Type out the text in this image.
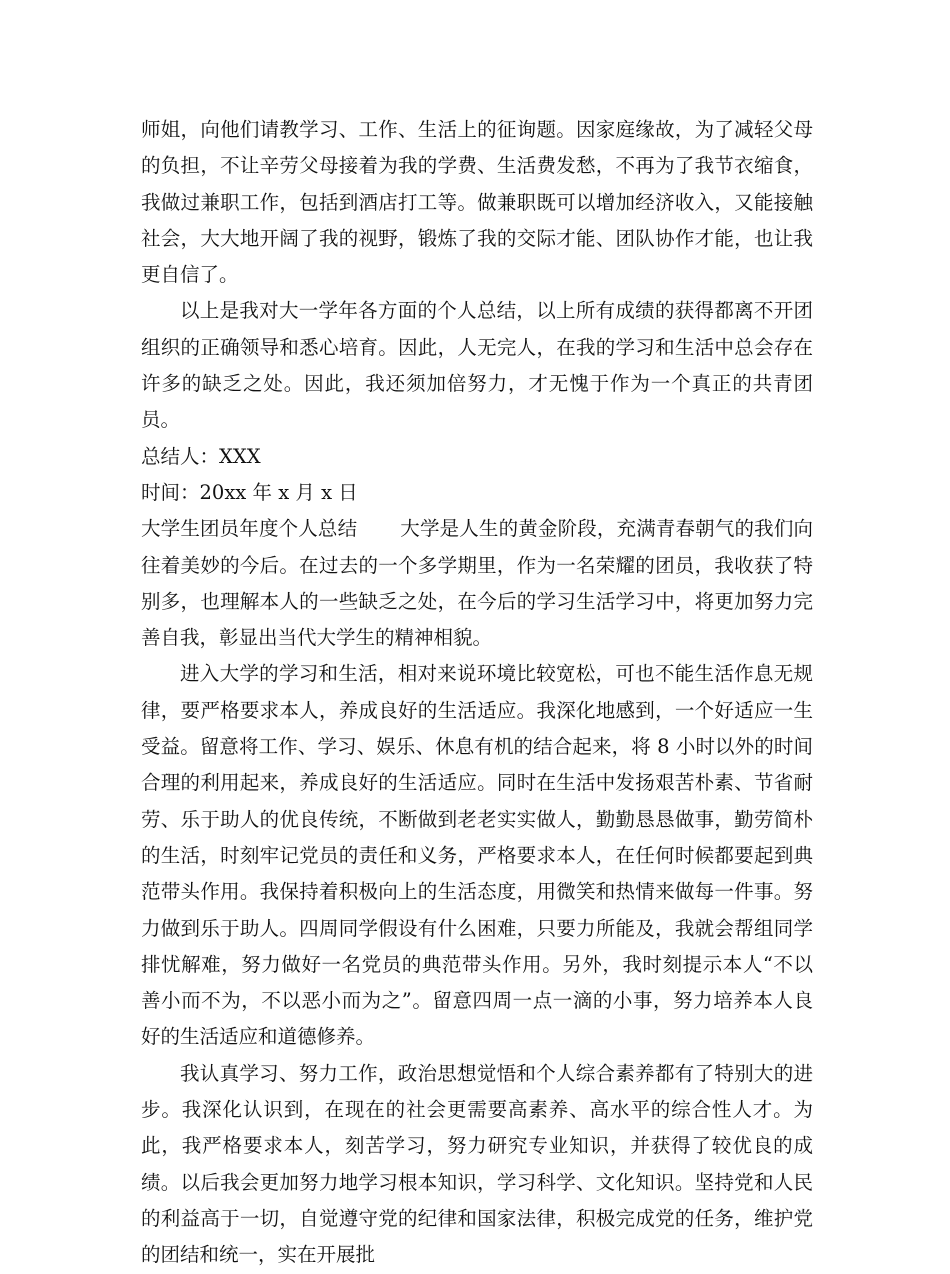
师姐，向他们请教学习、工作、生活上的征询题。因家庭缘故，为了减轻父母的负担，不让辛劳父母接着为我的学费、生活费发愁，不再为了我节衣缩食，我做过兼职工作，包括到酒店打工等。做兼职既可以增加经济收入，又能接触社会，大大地开阔了我的视野，锻炼了我的交际才能、团队协作才能，也让我更自信了。

以上是我对大一学年各方面的个人总结，以上所有成绩的获得都离不开团组织的正确领导和悉心培育。因此，人无完人，在我的学习和生活中总会存在许多的缺乏之处。因此，我还须加倍努力，才无愧于作为一个真正的共青团员。

总结人：XXX

时间：20xx 年 x 月 x 日

大学生团员年度个人总结 大学是人生的黄金阶段，充满青春朝气的我们向往着美妙的今后。在过去的一个多学期里，作为一名荣耀的团员，我收获了特别多，也理解本人的一些缺乏之处，在今后的学习生活学习中，将更加努力完善自我，彰显出当代大学生的精神相貌。

进入大学的学习和生活，相对来说环境比较宽松，可也不能生活作息无规律，要严格要求本人，养成良好的生活适应。我深化地感到，一个好适应一生受益。留意将工作、学习、娱乐、休息有机的结合起来，将 8 小时以外的时间合理的利用起来，养成良好的生活适应。同时在生活中发扬艰苦朴素、节省耐劳、乐于助人的优良传统，不断做到老老实实做人，勤勤恳恳做事，勤劳简朴的生活，时刻牢记党员的责任和义务，严格要求本人，在任何时候都要起到典范带头作用。我保持着积极向上的生活态度，用微笑和热情来做每一件事。努力做到乐于助人。四周同学假设有什么困难，只要力所能及，我就会帮组同学排忧解难，努力做好一名党员的典范带头作用。另外，我时刻提示本人“不以善小而不为，不以恶小而为之”。留意四周一点一滴的小事，努力培养本人良好的生活适应和道德修养。

我认真学习、努力工作，政治思想觉悟和个人综合素养都有了特别大的进步。我深化认识到，在现在的社会更需要高素养、高水平的综合性人才。为此，我严格要求本人，刻苦学习，努力研究专业知识，并获得了较优良的成绩。以后我会更加努力地学习根本知识，学习科学、文化知识。坚持党和人民的利益高于一切，自觉遵守党的纪律和国家法律，积极完成党的任务，维护党的团结和统一，实在开展批
